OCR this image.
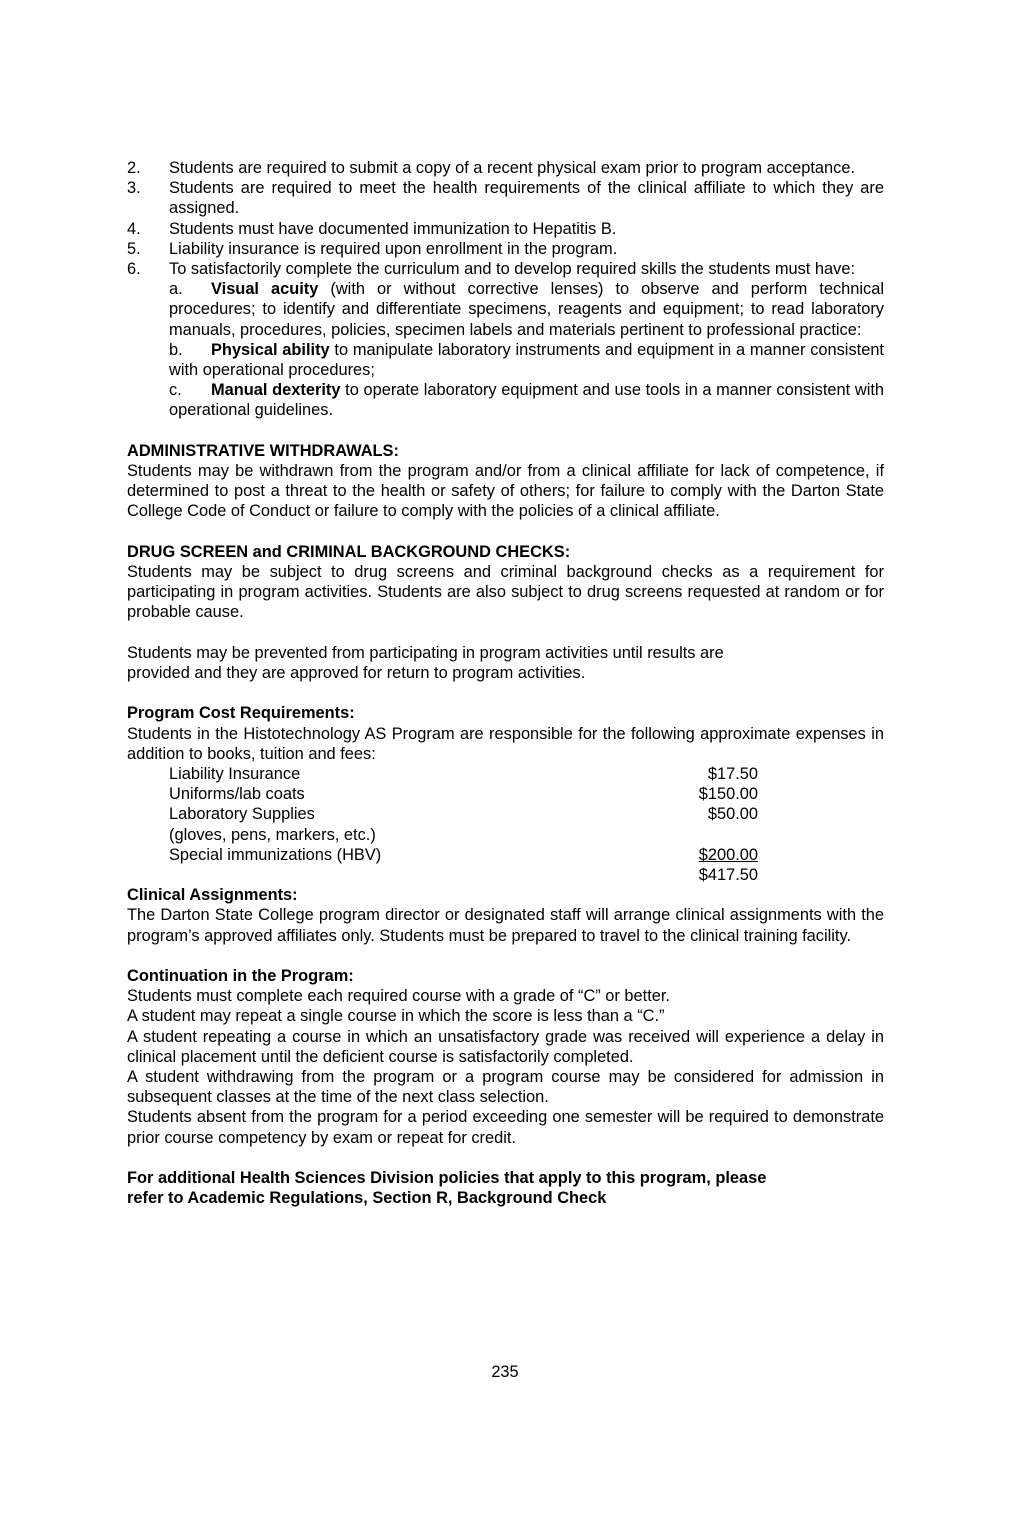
2.	Students are required to submit a copy of a recent physical exam prior to program acceptance.
3.	Students are required to meet the health requirements of the clinical affiliate to which they are assigned.
4.	Students must have documented immunization to Hepatitis B.
5.	Liability insurance is required upon enrollment in the program.
6.	To satisfactorily complete the curriculum and to develop required skills the students must have:
a. Visual acuity (with or without corrective lenses) to observe and perform technical procedures; to identify and differentiate specimens, reagents and equipment; to read laboratory manuals, procedures, policies, specimen labels and materials pertinent to professional practice:
b. Physical ability to manipulate laboratory instruments and equipment in a manner consistent with operational procedures;
c. Manual dexterity to operate laboratory equipment and use tools in a manner consistent with operational guidelines.
ADMINISTRATIVE WITHDRAWALS:
Students may be withdrawn from the program and/or from a clinical affiliate for lack of competence, if determined to post a threat to the health or safety of others; for failure to comply with the Darton State College Code of Conduct or failure to comply with the policies of a clinical affiliate.
DRUG SCREEN and CRIMINAL BACKGROUND CHECKS:
Students may be subject to drug screens and criminal background checks as a requirement for participating in program activities. Students are also subject to drug screens requested at random or for probable cause.
Students may be prevented from participating in program activities until results are
provided and they are approved for return to program activities.
Program Cost Requirements:
Students in the Histotechnology AS Program are responsible for the following approximate expenses in addition to books, tuition and fees:
Liability Insurance	$17.50
Uniforms/lab coats	$150.00
Laboratory Supplies	$50.00
(gloves, pens, markers, etc.)
Special immunizations (HBV)	$200.00
$417.50
Clinical Assignments:
The Darton State College program director or designated staff will arrange clinical assignments with the program’s approved affiliates only. Students must be prepared to travel to the clinical training facility.
Continuation in the Program:
Students must complete each required course with a grade of “C” or better.
A student may repeat a single course in which the score is less than a “C.”
A student repeating a course in which an unsatisfactory grade was received will experience a delay in clinical placement until the deficient course is satisfactorily completed.
A student withdrawing from the program or a program course may be considered for admission in subsequent classes at the time of the next class selection.
Students absent from the program for a period exceeding one semester will be required to demonstrate prior course competency by exam or repeat for credit.
For additional Health Sciences Division policies that apply to this program, please
refer to Academic Regulations, Section R, Background Check
235
